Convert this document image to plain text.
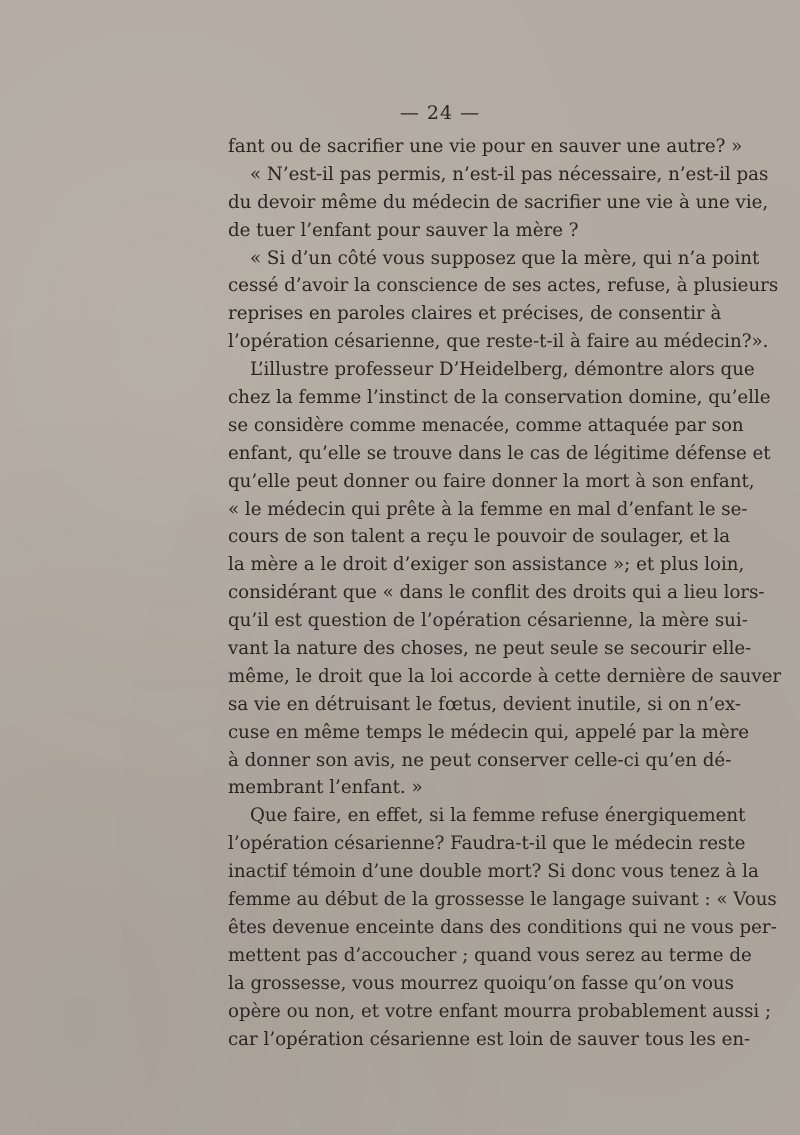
— 24 —
fant ou de sacrifier une vie pour en sauver une autre? »
« N’est-il pas permis, n’est-il pas nécessaire, n’est-il pas
du devoir même du médecin de sacrifier une vie à une vie,
de tuer l’enfant pour sauver la mère ?
« Si d’un côté vous supposez que la mère, qui n’a point
cessé d’avoir la conscience de ses actes, refuse, à plusieurs
reprises en paroles claires et précises, de consentir à
l’opération césarienne, que reste-t-il à faire au médecin?».
L’illustre professeur D’Heidelberg, démontre alors que
chez la femme l’instinct de la conservation domine, qu’elle
se considère comme menacée, comme attaquée par son
enfant, qu’elle se trouve dans le cas de légitime défense et
qu’elle peut donner ou faire donner la mort à son enfant,
« le médecin qui prête à la femme en mal d’enfant le se-
cours de son talent a reçu le pouvoir de soulager, et la
la mère a le droit d’exiger son assistance »; et plus loin,
considérant que « dans le conflit des droits qui a lieu lors-
qu’il est question de l’opération césarienne, la mère sui-
vant la nature des choses, ne peut seule se secourir elle-
même, le droit que la loi accorde à cette dernière de sauver
sa vie en détruisant le fœtus, devient inutile, si on n’ex-
cuse en même temps le médecin qui, appelé par la mère
à donner son avis, ne peut conserver celle-ci qu’en dé-
membrant l’enfant. »
Que faire, en effet, si la femme refuse énergiquement
l’opération césarienne? Faudra-t-il que le médecin reste
inactif témoin d’une double mort? Si donc vous tenez à la
femme au début de la grossesse le langage suivant : « Vous
êtes devenue enceinte dans des conditions qui ne vous per-
mettent pas d’accoucher ; quand vous serez au terme de
la grossesse, vous mourrez quoiqu’on fasse qu’on vous
opère ou non, et votre enfant mourra probablement aussi ;
car l’opération césarienne est loin de sauver tous les en-
